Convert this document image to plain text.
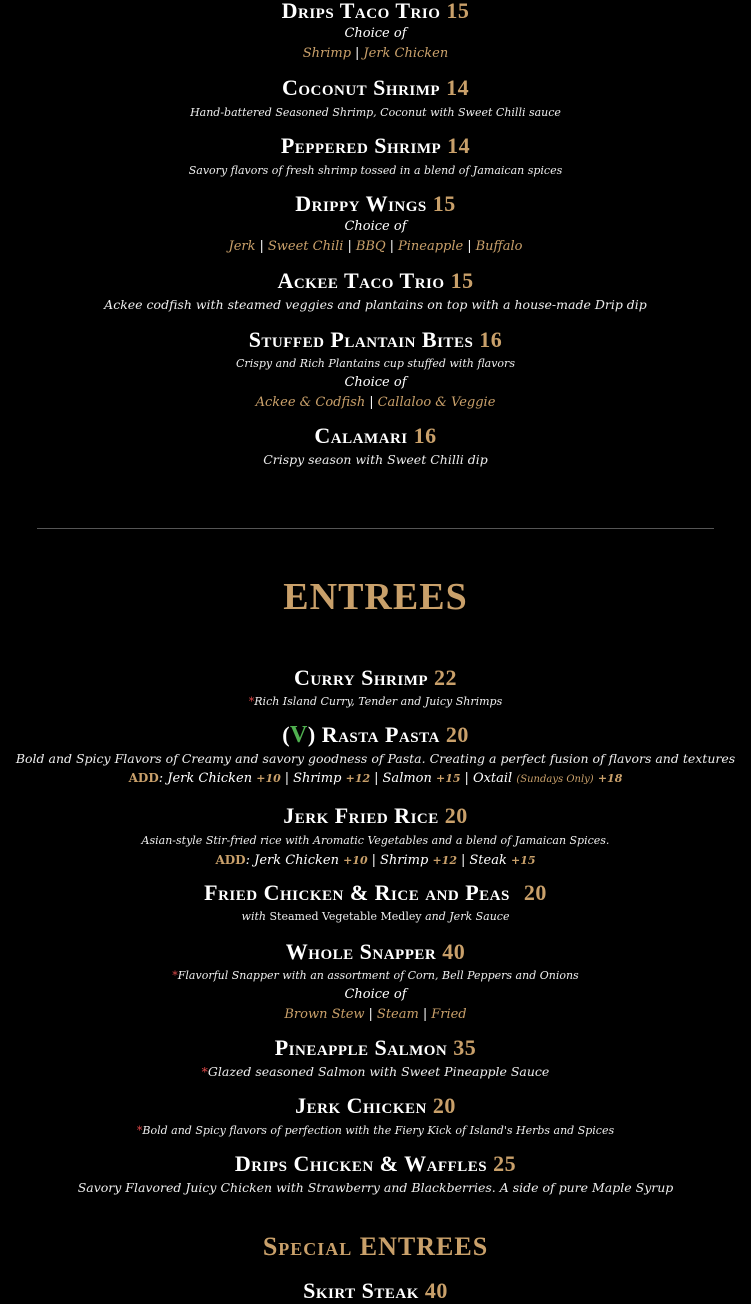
Drips Taco Trio 15
Choice of
Shrimp | Jerk Chicken
Coconut Shrimp 14
Hand-battered Seasoned Shrimp, Coconut with Sweet Chilli sauce
Peppered Shrimp 14
Savory flavors of fresh shrimp tossed in a blend of Jamaican spices
Drippy Wings 15
Choice of
Jerk | Sweet Chili | BBQ | Pineapple | Buffalo
Ackee Taco Trio 15
Ackee codfish with steamed veggies and plantains on top with a house-made Drip dip
Stuffed Plantain Bites 16
Crispy and Rich Plantains cup stuffed with flavors
Choice of
Ackee & Codfish | Callaloo & Veggie
Calamari 16
Crispy season with Sweet Chilli dip
ENTREES
Curry Shrimp 22
*Rich Island Curry, Tender and Juicy Shrimps
(V) Rasta Pasta 20
Bold and Spicy Flavors of Creamy and savory goodness of Pasta. Creating a perfect fusion of flavors and textures
ADD: Jerk Chicken +10 | Shrimp +12 | Salmon +15 | Oxtail (Sundays Only) +18
Jerk Fried Rice 20
Asian-style Stir-fried rice with Aromatic Vegetables and a blend of Jamaican Spices.
ADD: Jerk Chicken +10 | Shrimp +12 | Steak +15
Fried Chicken & Rice and Peas 20
with Steamed Vegetable Medley and Jerk Sauce
Whole Snapper 40
*Flavorful Snapper with an assortment of Corn, Bell Peppers and Onions
Choice of
Brown Stew | Steam | Fried
Pineapple Salmon 35
*Glazed seasoned Salmon with Sweet Pineapple Sauce
Jerk Chicken 20
*Bold and Spicy flavors of perfection with the Fiery Kick of Island's Herbs and Spices
Drips Chicken & Waffles 25
Savory Flavored Juicy Chicken with Strawberry and Blackberries. A side of pure Maple Syrup
Special ENTREES
Skirt Steak 40
